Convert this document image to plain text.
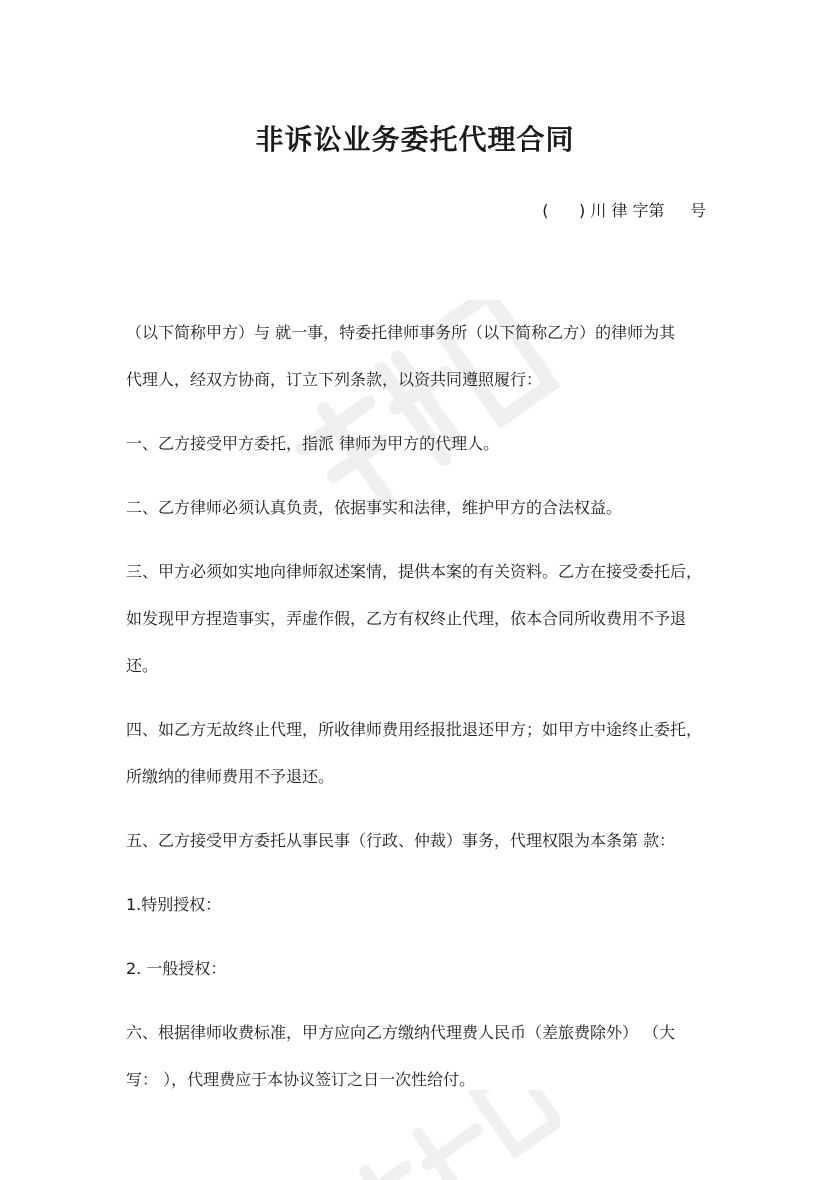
非诉讼业务委托代理合同
(      ) 川 律 字第     号
（以下简称甲方）与 就一事，特委托律师事务所（以下简称乙方）的律师为其
代理人，经双方协商，订立下列条款，以资共同遵照履行：
一、乙方接受甲方委托，指派 律师为甲方的代理人。
二、乙方律师必须认真负责，依据事实和法律，维护甲方的合法权益。
三、甲方必须如实地向律师叙述案情，提供本案的有关资料。乙方在接受委托后，
如发现甲方捏造事实，弄虚作假，乙方有权终止代理，依本合同所收费用不予退
还。
四、如乙方无故终止代理，所收律师费用经报批退还甲方；如甲方中途终止委托，
所缴纳的律师费用不予退还。
五、乙方接受甲方委托从事民事（行政、仲裁）事务，代理权限为本条第 款：
1.特别授权：
2. 一般授权：
六、根据律师收费标准，甲方应向乙方缴纳代理费人民币（差旅费除外） （大
写： ），代理费应于本协议签订之日一次性给付。
